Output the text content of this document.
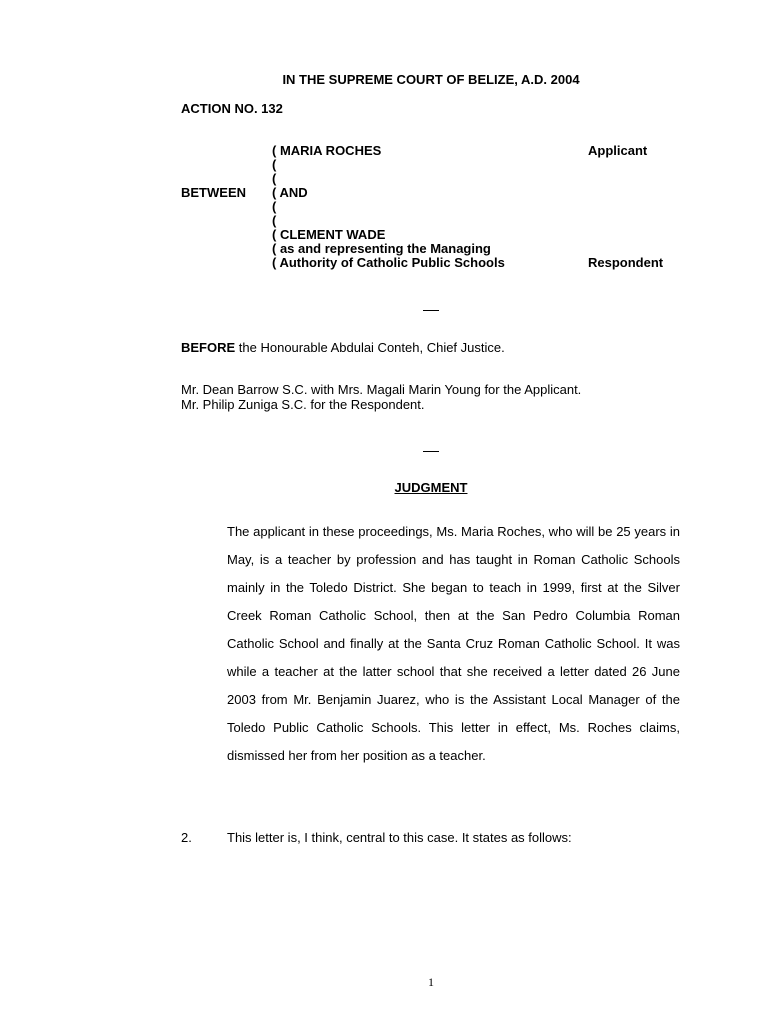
IN THE SUPREME COURT OF BELIZE, A.D. 2004
ACTION NO. 132
( MARIA ROCHES
(
(
( AND
(
(
( CLEMENT WADE
( as and representing the Managing
( Authority of Catholic Public Schools
BETWEEN
Applicant
Respondent
BEFORE the Honourable Abdulai Conteh, Chief Justice.
Mr. Dean Barrow S.C. with Mrs. Magali Marin Young for the Applicant.
Mr. Philip Zuniga S.C. for the Respondent.
JUDGMENT
The applicant in these proceedings, Ms. Maria Roches, who will be 25 years in May, is a teacher by profession and has taught in Roman Catholic Schools mainly in the Toledo District. She began to teach in 1999, first at the Silver Creek Roman Catholic School, then at the San Pedro Columbia Roman Catholic School and finally at the Santa Cruz Roman Catholic School. It was while a teacher at the latter school that she received a letter dated 26 June 2003 from Mr. Benjamin Juarez, who is the Assistant Local Manager of the Toledo Public Catholic Schools. This letter in effect, Ms. Roches claims, dismissed her from her position as a teacher.
2.	This letter is, I think, central to this case. It states as follows:
1
